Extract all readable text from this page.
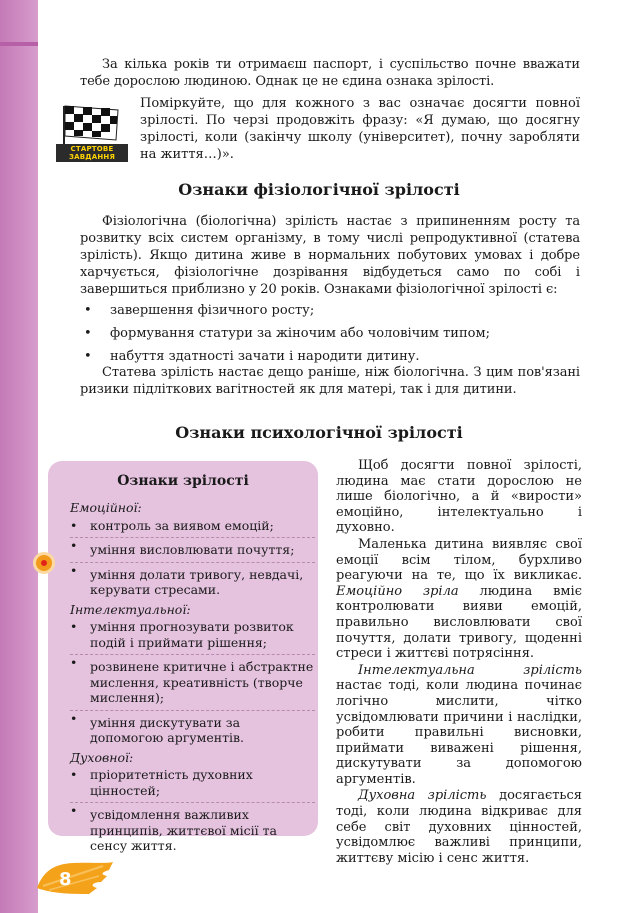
За кілька років ти отримаєш паспорт, і суспільство почне вважати тебе дорослою людиною. Однак це не єдина ознака зрілості.
СТАРТОВЕ ЗАВДАННЯ
Поміркуйте, що для кожного з вас означає досягти повної зрілості. По черзі продовжіть фразу: «Я думаю, що досягну зрілості, коли (закінчу школу (університет), почну заробляти на життя…)».
Ознаки фізіологічної зрілості
Фізіологічна (біологічна) зрілість настає з припиненням росту та розвитку всіх систем організму, в тому числі репродуктивної (статева зрілість). Якщо дитина живе в нормальних побутових умовах і добре харчується, фізіологічне дозрівання відбудеться само по собі і завершиться приблизно у 20 років. Ознаками фізіологічної зрілості є:
• завершення фізичного росту;
• формування статури за жіночим або чоловічим типом;
• набуття здатності зачати і народити дитину.
Статева зрілість настає дещо раніше, ніж біологічна. З цим пов'язані ризики підліткових вагітностей як для матері, так і для дитини.
Ознаки психологічної зрілості
Ознаки зрілості
Емоційної:
• контроль за виявом емоцій;
• уміння висловлювати почуття;
• уміння долати тривогу, невдачі, керувати стресами.
Інтелектуальної:
• уміння прогнозувати розвиток подій і приймати рішення;
• розвинене критичне і абстрактне мислення, креативність (творче мислення);
• уміння дискутувати за допомогою аргументів.
Духовної:
• пріоритетність духовних цінностей;
• усвідомлення важливих принципів, життєвої місії та сенсу життя.

Щоб досягти повної зрілості, людина має стати дорослою не лише біологічно, а й «вирости» емоційно, інтелектуально і духовно.

Маленька дитина виявляє свої емоції всім тілом, бурхливо реагуючи на те, що їх викликає. Емоційно зріла людина вміє контролювати вияви емоцій, правильно висловлювати свої почуття, долати тривогу, щоденні стреси і життєві потрясіння.

Інтелектуальна зрілість настає тоді, коли людина починає логічно мислити, чітко усвідомлювати причини і наслідки, робити правильні висновки, приймати виважені рішення, дискутувати за допомогою аргументів.

Духовна зрілість досягається тоді, коли людина відкриває для себе світ духовних цінностей, усвідомлює важливі принципи, життєву місію і сенс життя.

8
